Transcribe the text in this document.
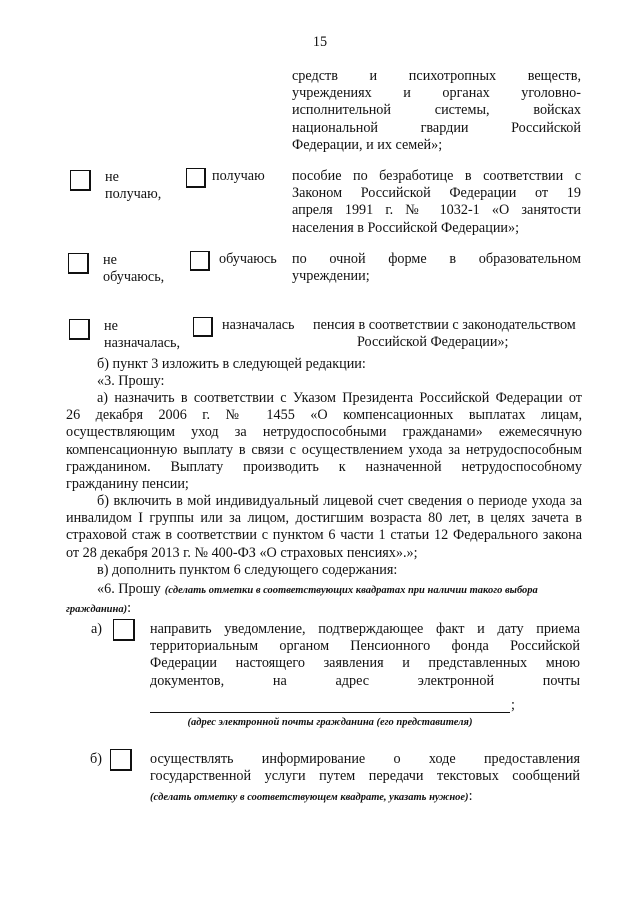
15
средств и психотропных веществ,
учреждениях и органах уголовно-
исполнительной системы, войсках
национальной гвардии Российской
Федерации, и их семей»;
не
получаю,
получаю пособие по безработице в соответствии с
Законом Российской Федерации от 19
апреля 1991 г. № 1032-1 «О занятости
населения в Российской Федерации»;
не
обучаюсь,
обучаюсь по очной форме в образовательном
учреждении;
не
назначалась,
назначалась пенсия в соответствии с законодательством
Российской Федерации»;
б) пункт 3 изложить в следующей редакции:
«3. Прошу:
а) назначить в соответствии с Указом Президента Российской Федерации от
26 декабря 2006 г. № 1455 «О компенсационных выплатах лицам,
осуществляющим уход за нетрудоспособными гражданами» ежемесячную
компенсационную выплату в связи с осуществлением ухода за нетрудоспособным
гражданином. Выплату производить к назначенной нетрудоспособному
гражданину пенсии;
б) включить в мой индивидуальный лицевой счет сведения о периоде ухода за
инвалидом I группы или за лицом, достигшим возраста 80 лет, в целях зачета в
страховой стаж в соответствии с пунктом 6 части 1 статьи 12 Федерального закона
от 28 декабря 2013 г. № 400-ФЗ «О страховых пенсиях».»;
в) дополнить пунктом 6 следующего содержания:
«6. Прошу (сделать отметки в соответствующих квадратах при наличии такого выбора
гражданина):
а)	направить уведомление, подтверждающее факт и дату приема
территориальным органом Пенсионного фонда Российской
Федерации настоящего заявления и представленных мною
документов, на адрес электронной почты
;
(адрес электронной почты гражданина (его представителя)
б)	осуществлять информирование о ходе предоставления
государственной услуги путем передачи текстовых сообщений
(сделать отметку в соответствующем квадрате, указать нужное):
